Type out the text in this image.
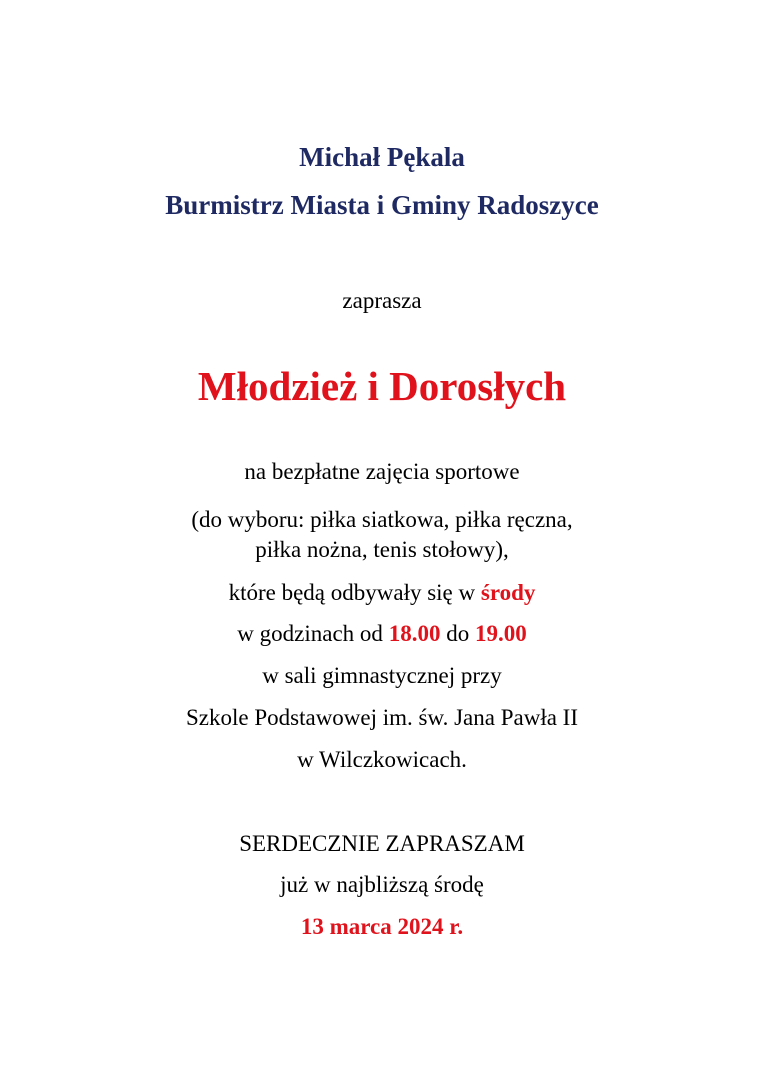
Michał Pękala
Burmistrz Miasta i Gminy Radoszyce
zaprasza
Młodzież i Dorosłych
na bezpłatne zajęcia sportowe
(do wyboru: piłka siatkowa, piłka ręczna,
piłka nożna, tenis stołowy),
które będą odbywały się w środy
w godzinach od 18.00 do 19.00
w sali gimnastycznej przy
Szkole Podstawowej im. św. Jana Pawła II
w Wilczkowicach.
SERDECZNIE ZAPRASZAM
już w najbliższą środę
13 marca 2024 r.
